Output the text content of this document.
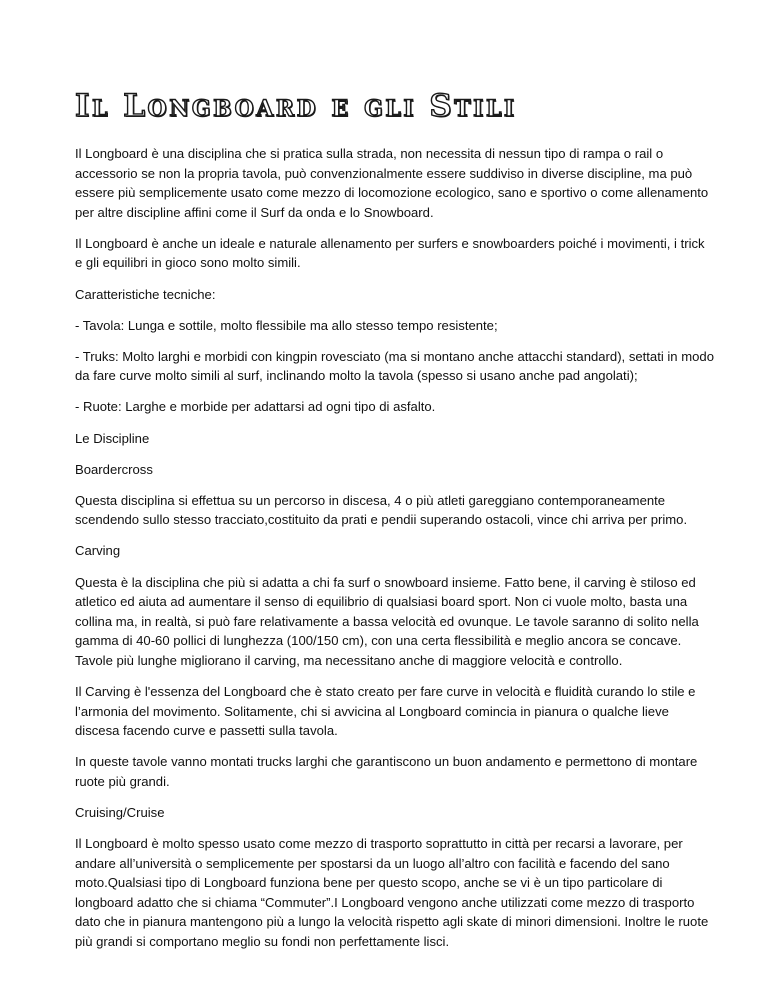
Il Longboard e gli Stili

Il Longboard è una disciplina che si pratica sulla strada, non necessita di nessun tipo di rampa o rail o accessorio se non la propria tavola, può convenzionalmente essere suddiviso in diverse discipline, ma può essere più semplicemente usato come mezzo di locomozione ecologico, sano e sportivo o come allenamento per altre discipline affini come il Surf da onda e lo Snowboard.

Il Longboard è anche un ideale e naturale allenamento per surfers e snowboarders poiché i movimenti, i trick e gli equilibri in gioco sono molto simili.

Caratteristiche tecniche:

- Tavola: Lunga e sottile, molto flessibile ma allo stesso tempo resistente;

- Truks: Molto larghi e morbidi con kingpin rovesciato (ma si montano anche attacchi standard), settati in modo da fare curve molto simili al surf, inclinando molto la tavola (spesso si usano anche pad angolati);

- Ruote: Larghe e morbide per adattarsi ad ogni tipo di asfalto.

Le Discipline

Boardercross

Questa disciplina si effettua su un percorso in discesa, 4 o più atleti gareggiano contemporaneamente scendendo sullo stesso tracciato,costituito da prati e pendii superando ostacoli, vince chi arriva per primo.

Carving

Questa è la disciplina che più si adatta a chi fa surf o snowboard insieme. Fatto bene, il carving è stiloso ed atletico ed aiuta ad aumentare il senso di equilibrio di qualsiasi board sport. Non ci vuole molto, basta una collina ma, in realtà, si può fare relativamente a bassa velocità ed ovunque. Le tavole saranno di solito nella gamma di 40-60 pollici di lunghezza (100/150 cm), con una certa flessibilità e meglio ancora se concave. Tavole più lunghe migliorano il carving, ma necessitano anche di maggiore velocità e controllo.

Il Carving è l'essenza del Longboard che è stato creato per fare curve in velocità e fluidità curando lo stile e l’armonia del movimento. Solitamente, chi si avvicina al Longboard comincia in pianura o qualche lieve discesa facendo curve e passetti sulla tavola.

In queste tavole vanno montati trucks larghi che garantiscono un buon andamento e permettono di montare ruote più grandi.

Cruising/Cruise

Il Longboard è molto spesso usato come mezzo di trasporto soprattutto in città per recarsi a lavorare, per andare all’università o semplicemente per spostarsi da un luogo all’altro con facilità e facendo del sano moto.Qualsiasi tipo di Longboard funziona bene per questo scopo, anche se vi è un tipo particolare di longboard adatto che si chiama “Commuter”.I Longboard vengono anche utilizzati come mezzo di trasporto dato che in pianura mantengono più a lungo la velocità rispetto agli skate di minori dimensioni. Inoltre le ruote più grandi si comportano meglio su fondi non perfettamente lisci.
